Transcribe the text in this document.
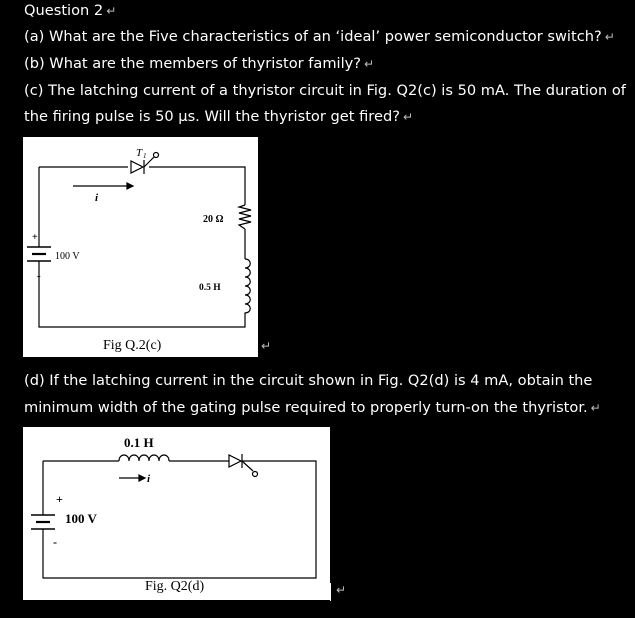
Question 2 ↵
(a) What are the Five characteristics of an ‘ideal’ power semiconductor switch? ↵
(b) What are the members of thyristor family? ↵
(c) The latching current of a thyristor circuit in Fig. Q2(c) is 50 mA. The duration of
the firing pulse is 50 µs. Will the thyristor get fired? ↵
T 1
i
+
100 V
-
20 Ω
0.5 H
Fig Q.2(c)	↵
(d) If the latching current in the circuit shown in Fig. Q2(d) is 4 mA, obtain the
minimum width of the gating pulse required to properly turn-on the thyristor. ↵
0.1 H
i
+
100 V
-
Fig. Q2(d)	↵
